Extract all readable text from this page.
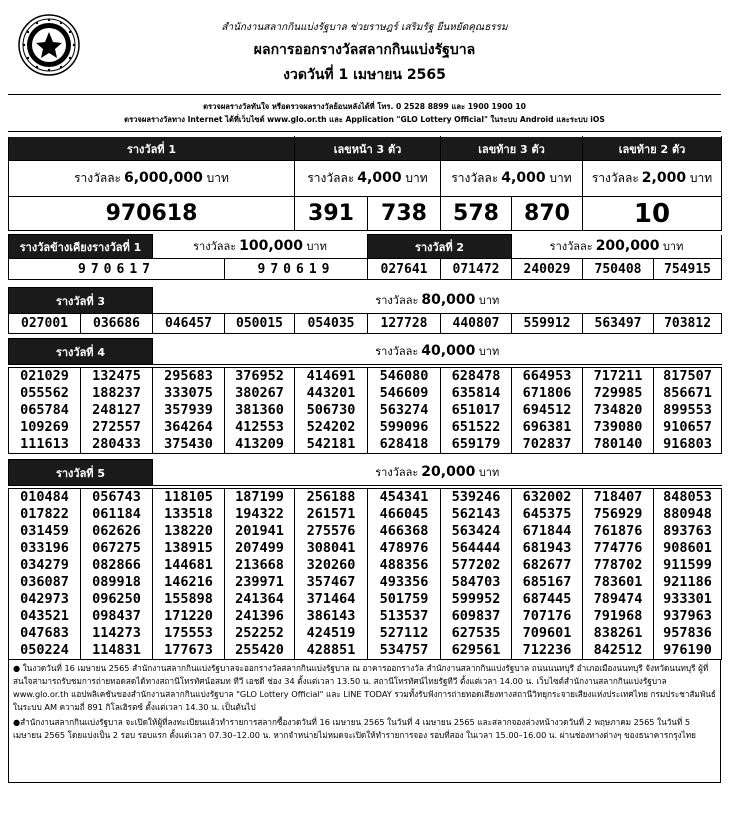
สำนักงานสลากกินแบ่งรัฐบาล ช่วยราษฎร์ เสริมรัฐ ยืนหยัดคุณธรรม
ผลการออกรางวัลสลากกินแบ่งรัฐบาล
งวดวันที่ 1 เมษายน 2565
ตรวจผลรางวัลทันใจ หรือตรวจผลรางวัลย้อนหลังได้ที่ โทร. 0 2528 8899 และ 1900 1900 10
ตรวจผลรางวัลทาง Internet ได้ที่เว็บไซต์ www.glo.or.th และ Application "GLO Lottery Official" ในระบบ Android และระบบ iOS
รางวัลที่ 1	เลขหน้า 3 ตัว		เลขท้าย 3 ตัว		เลขท้าย 2 ตัว
รางวัลละ 6,000,000 บาท	รางวัลละ 4,000 บาท		รางวัลละ 4,000 บาท		รางวัลละ 2,000 บาท
970618	391	738	578	870	10
รางวัลข้างเคียงรางวัลที่ 1	รางวัลละ 100,000 บาท		รางวัลที่ 2		รางวัลละ 200,000 บาท		
970617		970619	027641	071472	240029	750408	754915
รางวัลที่ 3		รางวัลละ 80,000 บาท							
027001	036686	046457	050015	054035	127728	440807	559912	563497	703812
รางวัลที่ 4	รางวัลละ 40,000 บาท
021029	132475	295683	376952	414691	546080	628478	664953	717211	817507
055562	188237	333075	380267	443201	546609	635814	671806	729985	856671
065784	248127	357939	381360	506730	563274	651017	694512	734820	899553
109269	272557	364264	412553	524202	599096	651522	696381	739080	910657
111613	280433	375430	413209	542181	628418	659179	702837	780140	916803
รางวัลที่ 5	รางวัลละ 20,000 บาท
010484	056743	118105	187199	256188	454341	539246	632002	718407	848053
017822	061184	133518	194322	261571	466045	562143	645375	756929	880948
031459	062626	138220	201941	275576	466368	563424	671844	761876	893763
033196	067275	138915	207499	308041	478976	564444	681943	774776	908601
034279	082866	144681	213668	320260	488356	577202	682677	778702	911599
036087	089918	146216	239971	357467	493356	584703	685167	783601	921186
042973	096250	155898	241364	371464	501759	599952	687445	789474	933301
043521	098437	171220	241396	386143	513537	609837	707176	791968	937963
047683	114273	175553	252252	424519	527112	627535	709601	838261	957836
050224	114831	177673	255420	428851	534757	629561	712236	842512	976190

● ในงวดวันที่ 16 เมษายน 2565 สำนักงานสลากกินแบ่งรัฐบาลจะออกรางวัลสลากกินแบ่งรัฐบาล ณ อาคารออกรางวัล สำนักงานสลากกินแบ่งรัฐบาล ถนนนนทบุรี อำเภอเมืองนนทบุรี จังหวัดนนทบุรี ผู้ที่สนใจสามารถรับชมการถ่ายทอดสดได้ทางสถานีโทรทัศน์อสมท ทีวี เอชดี ช่อง 34 ตั้งแต่เวลา 13.50 น. สถานีโทรทัศน์ไทยรัฐทีวี ตั้งแต่เวลา 14.00 น. เว็บไซต์สำนักงานสลากกินแบ่งรัฐบาล www.glo.or.th แอปพลิเคชันของสำนักงานสลากกินแบ่งรัฐบาล "GLO Lottery Official" และ LINE TODAY รวมทั้งรับฟังการถ่ายทอดเสียงทางสถานีวิทยุกระจายเสียงแห่งประเทศไทย กรมประชาสัมพันธ์ ในระบบ AM ความถี่ 891 กิโลเฮิรตซ์ ตั้งแต่เวลา 14.30 น. เป็นต้นไป

●สำนักงานสลากกินแบ่งรัฐบาล จะเปิดให้ผู้ที่ลงทะเบียนแล้วทำรายการสลากซื้องวดวันที่ 16 เมษายน 2565 ในวันที่ 4 เมษายน 2565 และสลากจองล่วงหน้างวดวันที่ 2 พฤษภาคม 2565 ในวันที่ 5 เมษายน 2565 โดยแบ่งเป็น 2 รอบ รอบแรก ตั้งแต่เวลา 07.30–12.00 น. หากจำหน่ายไม่หมดจะเปิดให้ทำรายการจอง รอบที่สอง ในเวลา 15.00–16.00 น. ผ่านช่องทางต่างๆ ของธนาคารกรุงไทย
